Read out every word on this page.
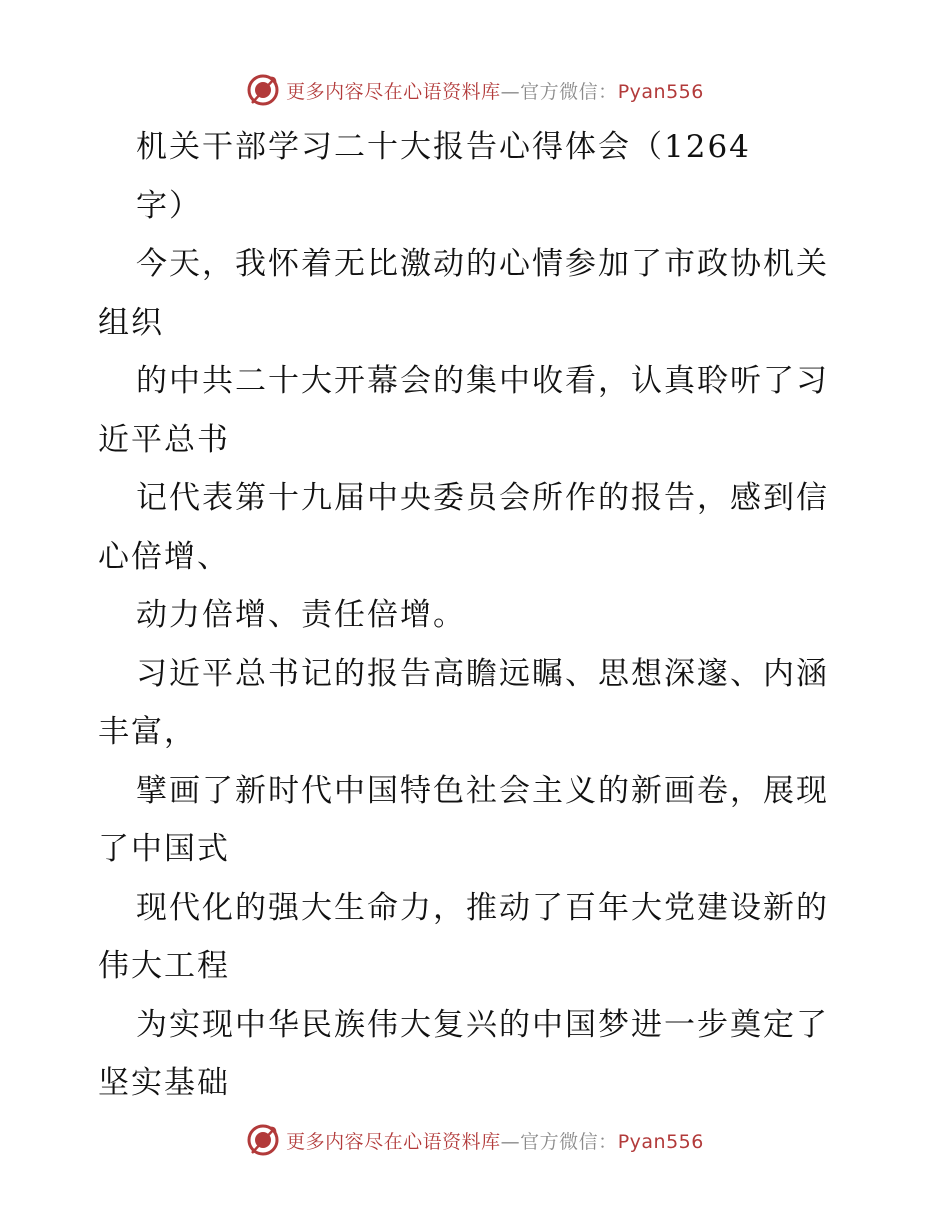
更多内容尽在心语资料库—官方微信：Pyan556
机关干部学习二十大报告心得体会（1264
字）
今天，我怀着无比激动的心情参加了市政协机关
组织
的中共二十大开幕会的集中收看，认真聆听了习
近平总书
记代表第十九届中央委员会所作的报告，感到信
心倍增、
动力倍增、责任倍增。
习近平总书记的报告高瞻远瞩、思想深邃、内涵
丰富，
擘画了新时代中国特色社会主义的新画卷，展现
了中国式
现代化的强大生命力，推动了百年大党建设新的
伟大工程
为实现中华民族伟大复兴的中国梦进一步奠定了
坚实基础
更多内容尽在心语资料库—官方微信：Pyan556
